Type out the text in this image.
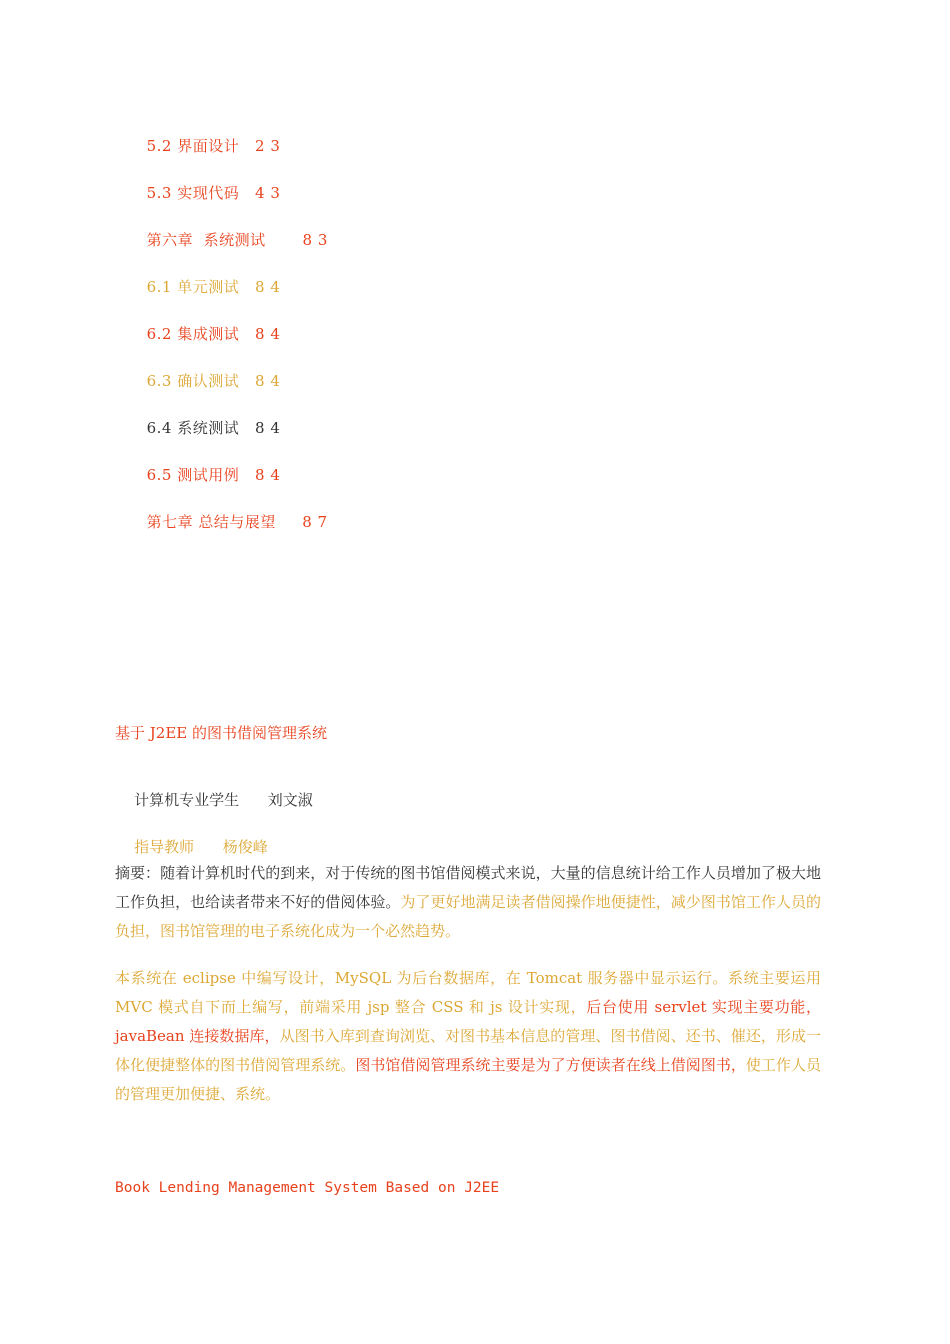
5.2 界面设计 2 3

5.3 实现代码 4 3

第六章  系统测试 8 3

6.1 单元测试 8 4

6.2 集成测试 8 4

6.3 确认测试 8 4

6.4 系统测试 8 4

6.5 测试用例 8 4

第七章 总结与展望 8 7

基于 J2EE 的图书借阅管理系统

计算机专业学生 刘文淑

指导教师 杨俊峰

摘要：随着计算机时代的到来，对于传统的图书馆借阅模式来说，大量的信息统计给工作人员增加了极大地工作负担，也给读者带来不好的借阅体验。为了更好地满足读者借阅操作地便捷性，减少图书馆工作人员的负担，图书馆管理的电子系统化成为一个必然趋势。
本系统在 eclipse 中编写设计，MySQL 为后台数据库，在 Tomcat 服务器中显示运行。系统主要运用 MVC 模式自下而上编写，前端采用 jsp 整合 CSS 和 js 设计实现，后台使用 servlet 实现主要功能，javaBean 连接数据库，从图书入库到查询浏览、对图书基本信息的管理、图书借阅、还书、催还，形成一体化便捷整体的图书借阅管理系统。图书馆借阅管理系统主要是为了方便读者在线上借阅图书，使工作人员的管理更加便捷、系统。
Book Lending Management System Based on J2EE
